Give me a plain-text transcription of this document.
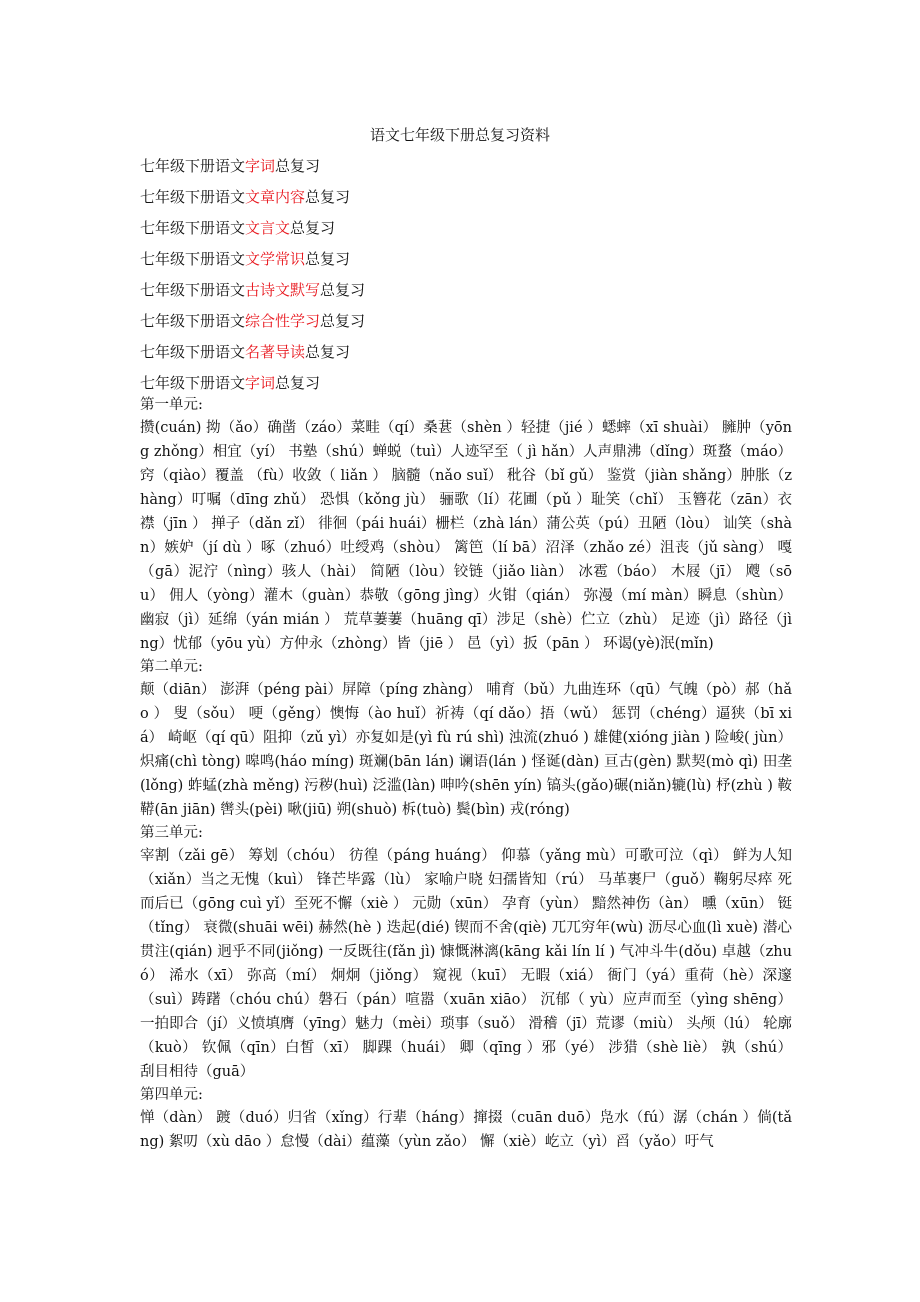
语文七年级下册总复习资料
七年级下册语文字词总复习
七年级下册语文文章内容总复习
七年级下册语文文言文总复习
七年级下册语文文学常识总复习
七年级下册语文古诗文默写总复习
七年级下册语文综合性学习总复习
七年级下册语文名著导读总复习
七年级下册语文字词总复习
第一单元:

攒(cuán) 拗（ǎo）确凿（záo）菜畦（qí）桑葚（shèn ）轻捷（jié ）蟋蟀（xī shuài） 臃肿（yōng zhǒng）相宜（yí） 书塾（shú）蝉蜕（tuì）人迹罕至（ jì hǎn）人声鼎沸（dǐng）斑蝥（máo） 窍（qiào）覆盖 （fù）收敛（ liǎn ） 脑髓（nǎo suǐ） 秕谷（bǐ gǔ） 鉴赏（jiàn shǎng）肿胀（zhàng）叮嘱（dīng zhǔ） 恐惧（kǒng jù） 骊歌（lí）花圃（pǔ ）耻笑（chǐ） 玉簪花（zān）衣襟（jīn ） 掸子（dǎn zǐ） 徘徊（pái huái）栅栏（zhà lán）蒲公英（pú）丑陋（lòu） 讪笑（shàn）嫉妒（jí dù ）啄（zhuó）吐绶鸡（shòu） 篱笆（lí bā）沼泽（zhǎo zé）沮丧（jǔ sàng） 嘎（gā）泥泞（nìng）骇人（hài） 简陋（lòu）铰链（jiǎo liàn） 冰雹（báo） 木屐（jī） 飕（sōu） 佣人（yòng）灌木（guàn）恭敬（gōng jìng）火钳（qián） 弥漫（mí màn）瞬息（shùn）幽寂（jì）延绵（yán mián ） 荒草萋萋（huāng qī）涉足（shè）伫立（zhù） 足迹（jì）路径（jìng）忧郁（yōu yù）方仲永（zhòng）皆（jiē ） 邑（yì）扳（pān ） 环谒(yè)泯(mǐn)

第二单元:

颠（diān） 澎湃（péng pài）屏障（píng zhàng） 哺育（bǔ）九曲连环（qū）气魄（pò）郝（hǎo ） 叟（sǒu） 哽（gěng）懊悔（ào huǐ）祈祷（qí dǎo）捂（wǔ） 惩罚（chéng）逼狭（bī xiá） 崎岖（qí qū）阻抑（zǔ yì）亦复如是(yì fù rú shì) 浊流(zhuó ) 雄健(xióng jiàn ) 险峻( jùn） 炽痛(chì tòng) 嗥鸣(háo míng) 斑斓(bān lán) 谰语(lán ) 怪诞(dàn) 亘古(gèn) 默契(mò qì) 田垄(lǒng) 蚱蜢(zhà měng) 污秽(huì) 泛滥(làn) 呻吟(shēn yín) 镐头(gǎo)碾(niǎn)辘(lù) 杼(zhù ) 鞍鞯(ān jiān) 辔头(pèi) 啾(jiū) 朔(shuò) 柝(tuò) 鬓(bìn) 戎(róng)

第三单元:

宰割（zǎi gē） 筹划（chóu） 彷徨（páng huáng） 仰慕（yǎng mù）可歌可泣（qì） 鲜为人知（xiǎn）当之无愧（kuì） 锋芒毕露（lù） 家喻户晓 妇孺皆知（rú） 马革裹尸（guǒ）鞠躬尽瘁 死而后已（gōng cuì yǐ）至死不懈（xiè ） 元勋（xūn） 孕育（yùn） 黯然神伤（àn） 曛（xūn） 铤（tǐng） 衰微(shuāi wēi) 赫然(hè ) 迭起(dié) 锲而不舍(qiè) 兀兀穷年(wù) 沥尽心血(lì xuè) 潜心贯注(qián) 迥乎不同(jiǒng) 一反既往(fǎn jì) 慷慨淋漓(kāng kǎi lín lí ) 气冲斗牛(dǒu) 卓越（zhuó） 浠水（xī） 弥高（mí） 炯炯（jiǒng） 窥视（kuī） 无暇（xiá） 衙门（yá）重荷（hè）深邃 （suì）踌躇（chóu chú）磐石（pán）喧嚣（xuān xiāo） 沉郁（ yù）应声而至（yìng shēng） 一拍即合（jí）义愤填膺（yīng）魅力（mèi）琐事（suǒ） 滑稽（jī）荒谬（miù） 头颅（lú） 轮廓（kuò） 钦佩（qīn）白皙（xī） 脚踝（huái） 卿（qīng ）邪（yé） 涉猎（shè liè） 孰（shú） 刮目相待（guā）

第四单元:

惮（dàn） 踱（duó）归省（xǐng）行辈（háng）撺掇（cuān duō）凫水（fú）潺（chán ）倘(tǎng) 絮叨（xù dāo ）怠慢（dài）蕴藻（yùn zǎo） 懈（xiè）屹立（yì）舀（yǎo）吁气
